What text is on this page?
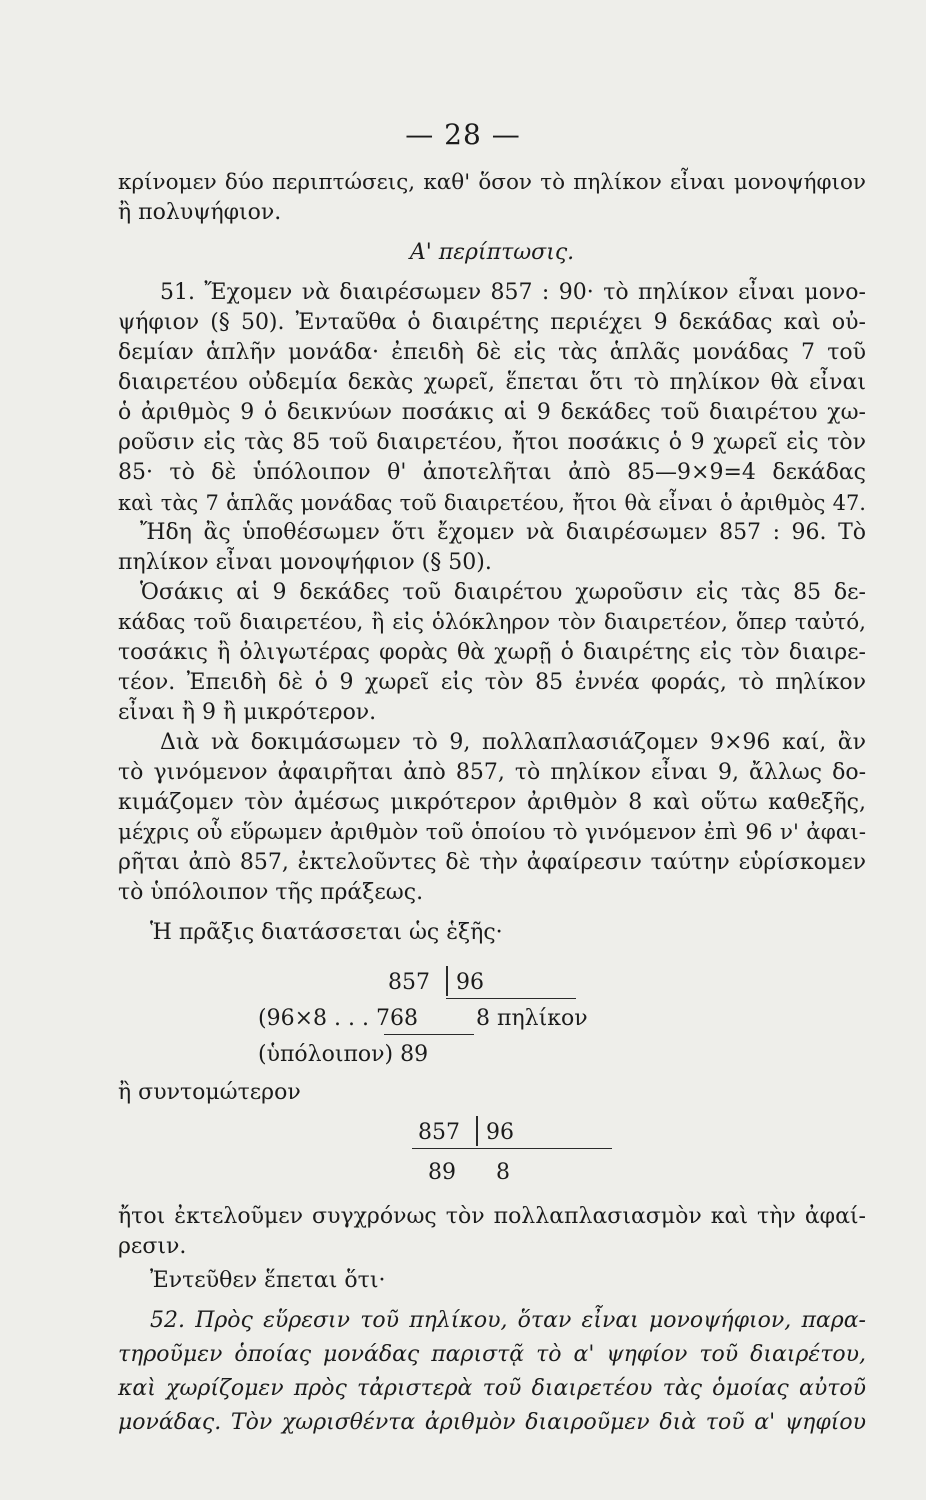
— 28 —
κρίνομεν δύο περιπτώσεις, καθ' ὅσον τὸ πηλίκον εἶναι μονοψήφιον
ἢ πολυψήφιον.
Α' περίπτωσις.
51. Ἔχομεν νὰ διαιρέσωμεν 857 : 90· τὸ πηλίκον εἶναι μονο-
ψήφιον (§ 50). Ἐνταῦθα ὁ διαιρέτης περιέχει 9 δεκάδας καὶ οὐ-
δεμίαν ἁπλῆν μονάδα· ἐπειδὴ δὲ εἰς τὰς ἁπλᾶς μονάδας 7 τοῦ
διαιρετέου οὐδεμία δεκὰς χωρεῖ, ἕπεται ὅτι τὸ πηλίκον θὰ εἶναι
ὁ ἀριθμὸς 9 ὁ δεικνύων ποσάκις αἱ 9 δεκάδες τοῦ διαιρέτου χω-
ροῦσιν εἰς τὰς 85 τοῦ διαιρετέου, ἤτοι ποσάκις ὁ 9 χωρεῖ εἰς τὸν
85· τὸ δὲ ὑπόλοιπον θ' ἀποτελῆται ἀπὸ 85—9×9=4 δεκάδας
καὶ τὰς 7 ἁπλᾶς μονάδας τοῦ διαιρετέου, ἤτοι θὰ εἶναι ὁ ἀριθμὸς 47.
Ἤδη ἂς ὑποθέσωμεν ὅτι ἔχομεν νὰ διαιρέσωμεν 857 : 96. Τὸ
πηλίκον εἶναι μονοψήφιον (§ 50).
Ὁσάκις αἱ 9 δεκάδες τοῦ διαιρέτου χωροῦσιν εἰς τὰς 85 δε-
κάδας τοῦ διαιρετέου, ἢ εἰς ὁλόκληρον τὸν διαιρετέον, ὅπερ ταὐτό,
τοσάκις ἢ ὀλιγωτέρας φορὰς θὰ χωρῇ ὁ διαιρέτης εἰς τὸν διαιρε-
τέον. Ἐπειδὴ δὲ ὁ 9 χωρεῖ εἰς τὸν 85 ἐννέα φοράς, τὸ πηλίκον
εἶναι ἢ 9 ἢ μικρότερον.
Διὰ νὰ δοκιμάσωμεν τὸ 9, πολλαπλασιάζομεν 9×96 καί, ἂν
τὸ γινόμενον ἀφαιρῆται ἀπὸ 857, τὸ πηλίκον εἶναι 9, ἄλλως δο-
κιμάζομεν τὸν ἀμέσως μικρότερον ἀριθμὸν 8 καὶ οὕτω καθεξῆς,
μέχρις οὗ εὕρωμεν ἀριθμὸν τοῦ ὁποίου τὸ γινόμενον ἐπὶ 96 ν' ἀφαι-
ρῆται ἀπὸ 857, ἐκτελοῦντες δὲ τὴν ἀφαίρεσιν ταύτην εὑρίσκομεν
τὸ ὑπόλοιπον τῆς πράξεως.
Ἡ πρᾶξις διατάσσεται ὡς ἑξῆς·
857 96
(96×8 . . . 768	8 πηλίκον
(ὑπόλοιπον) 89
ἢ συντομώτερον
857 96
89 8
ἤτοι ἐκτελοῦμεν συγχρόνως τὸν πολλαπλασιασμὸν καὶ τὴν ἀφαί-
ρεσιν.
Ἐντεῦθεν ἕπεται ὅτι·
52. Πρὸς εὕρεσιν τοῦ πηλίκου, ὅταν εἶναι μονοψήφιον, παρα-
τηροῦμεν ὁποίας μονάδας παριστᾷ τὸ α' ψηφίον τοῦ διαιρέτου,
καὶ χωρίζομεν πρὸς τἀριστερὰ τοῦ διαιρετέου τὰς ὁμοίας αὐτοῦ
μονάδας. Τὸν χωρισθέντα ἀριθμὸν διαιροῦμεν διὰ τοῦ α' ψηφίου
